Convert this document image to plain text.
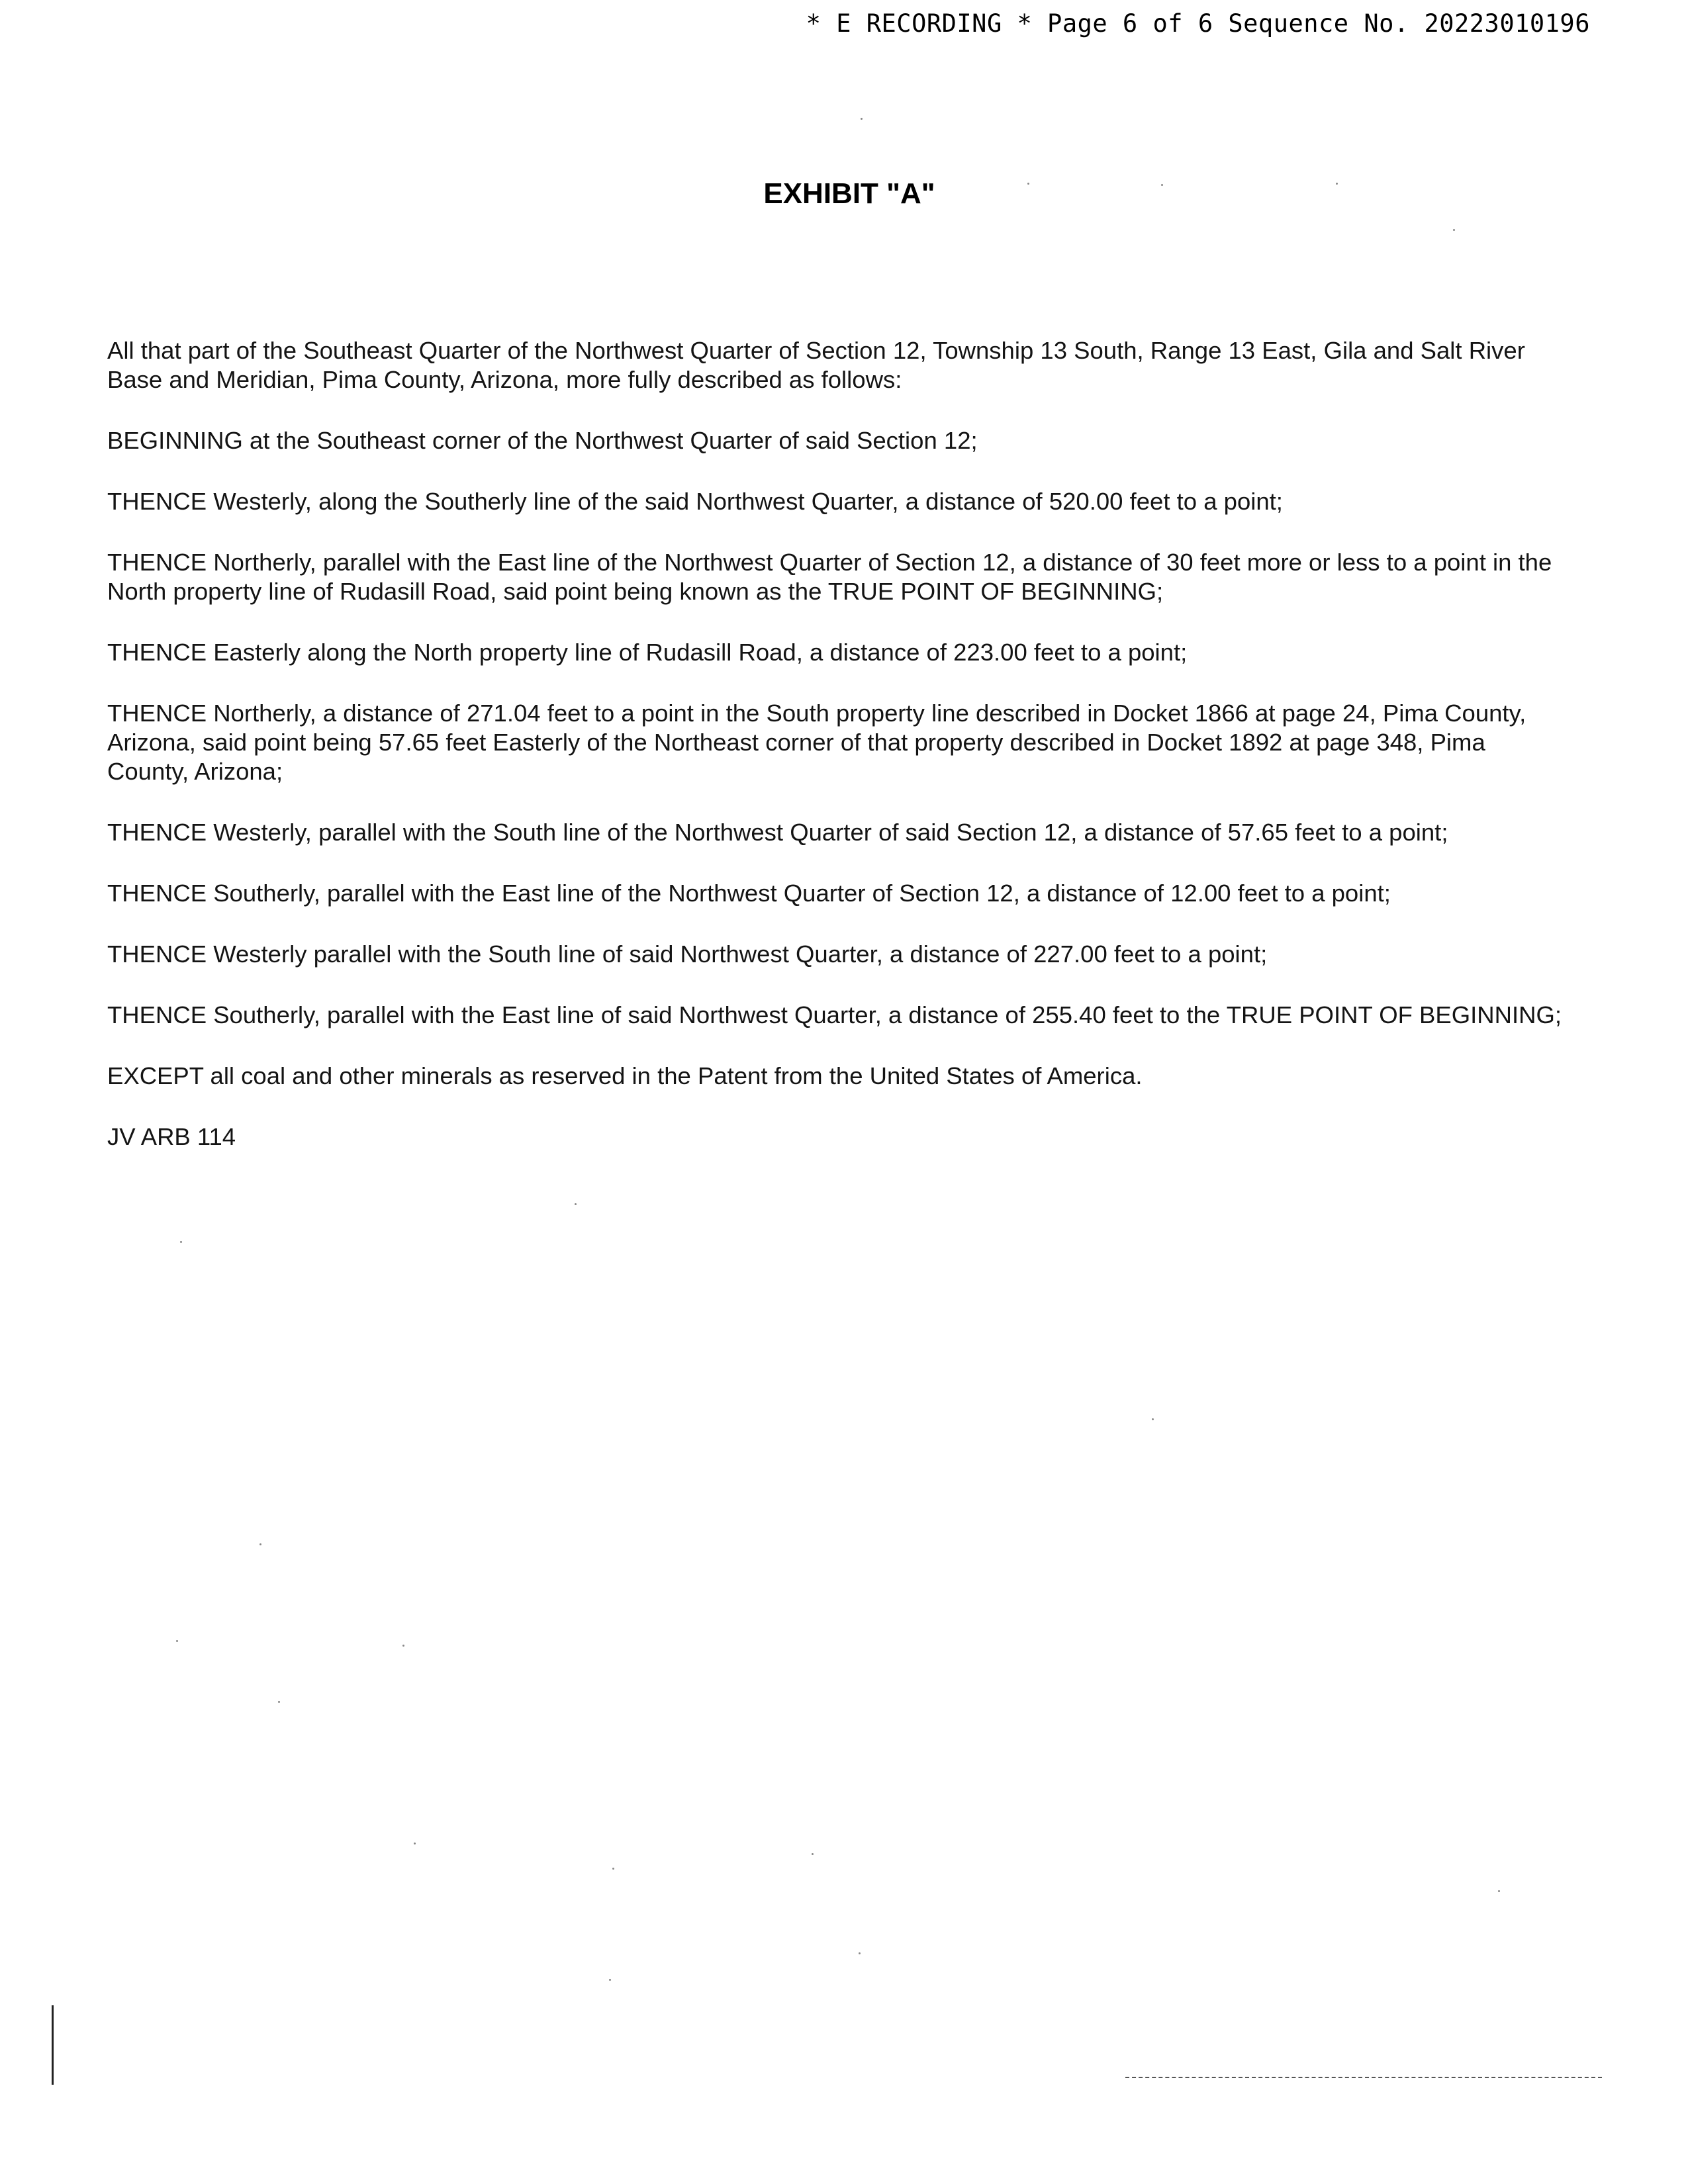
* E RECORDING * Page 6 of 6 Sequence No. 20223010196
EXHIBIT "A"

All that part of the Southeast Quarter of the Northwest Quarter of Section 12, Township 13 South, Range 13 East, Gila and Salt River Base and Meridian, Pima County, Arizona, more fully described as follows:

BEGINNING at the Southeast corner of the Northwest Quarter of said Section 12;

THENCE Westerly, along the Southerly line of the said Northwest Quarter, a distance of 520.00 feet to a point;

THENCE Northerly, parallel with the East line of the Northwest Quarter of Section 12, a distance of 30 feet more or less to a point in the North property line of Rudasill Road, said point being known as the TRUE POINT OF BEGINNING;

THENCE Easterly along the North property line of Rudasill Road, a distance of 223.00 feet to a point;

THENCE Northerly, a distance of 271.04 feet to a point in the South property line described in Docket 1866 at page 24, Pima County, Arizona, said point being 57.65 feet Easterly of the Northeast corner of that property described in Docket 1892 at page 348, Pima County, Arizona;

THENCE Westerly, parallel with the South line of the Northwest Quarter of said Section 12, a distance of 57.65 feet to a point;

THENCE Southerly, parallel with the East line of the Northwest Quarter of Section 12, a distance of 12.00 feet to a point;

THENCE Westerly parallel with the South line of said Northwest Quarter, a distance of 227.00 feet to a point;

THENCE Southerly, parallel with the East line of said Northwest Quarter, a distance of 255.40 feet to the TRUE POINT OF BEGINNING;

EXCEPT all coal and other minerals as reserved in the Patent from the United States of America.

JV ARB 114
